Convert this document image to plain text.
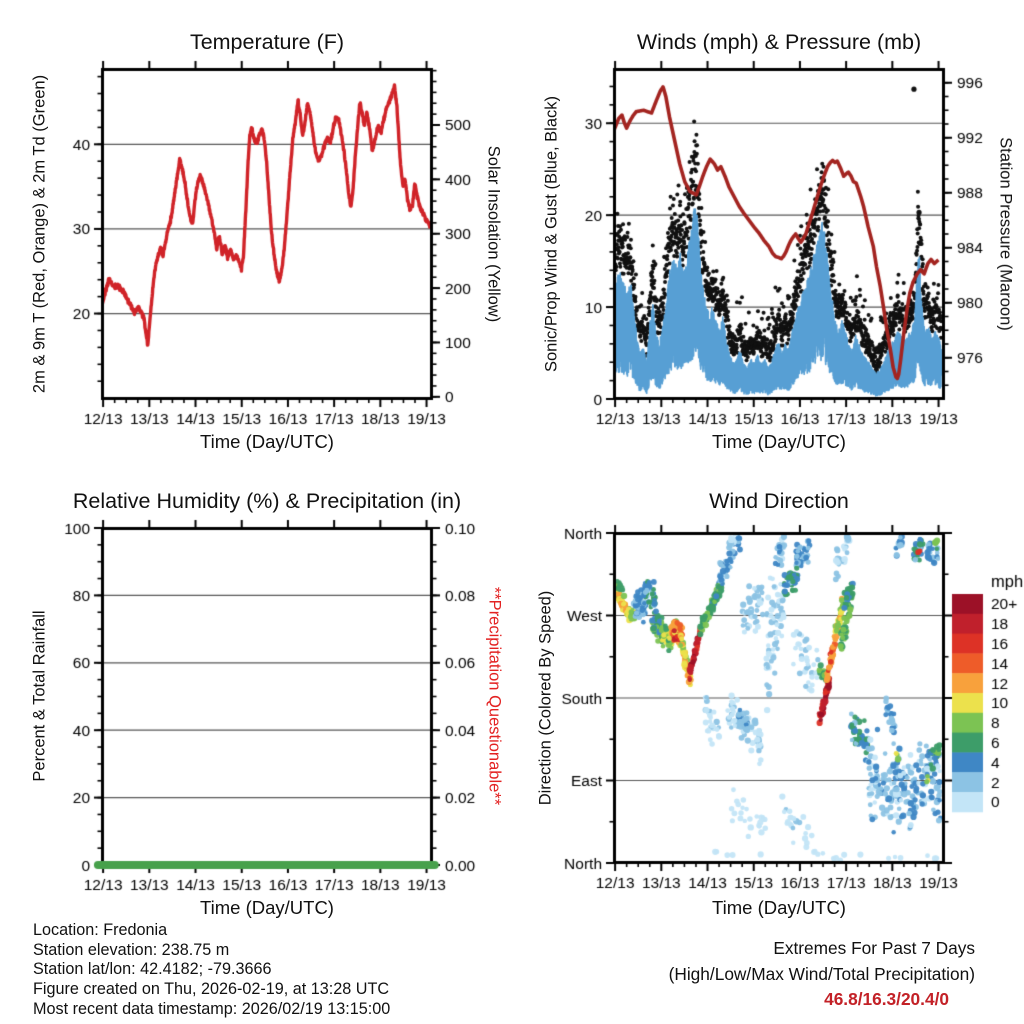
Temperature (F)	Winds (mph) & Pressure (mb)
Relative Humidity (%) & Precipitation (in)	Wind Direction
Time (Day/UTC)	Time (Day/UTC)
Time (Day/UTC)	Time (Day/UTC)
2m & 9m T (Red, Orange) & 2m Td (Green)	Solar Insolation (Yellow) Sonic/Prop Wind & Gust (Blue, Black)	Station Pressure (Maroon)
Percent & Total Rainfall	**Precipitation Questionable** Direction (Colored By Speed)
Location: Fredonia
Station elevation: 238.75 m
Station lat/lon: 42.4182; -79.3666
Figure created on Thu, 2026-02-19, at 13:28 UTC
Most recent data timestamp: 2026/02/19 13:15:00
Extremes For Past 7 Days
(High/Low/Max Wind/Total Precipitation)
46.8/16.3/20.4/0
